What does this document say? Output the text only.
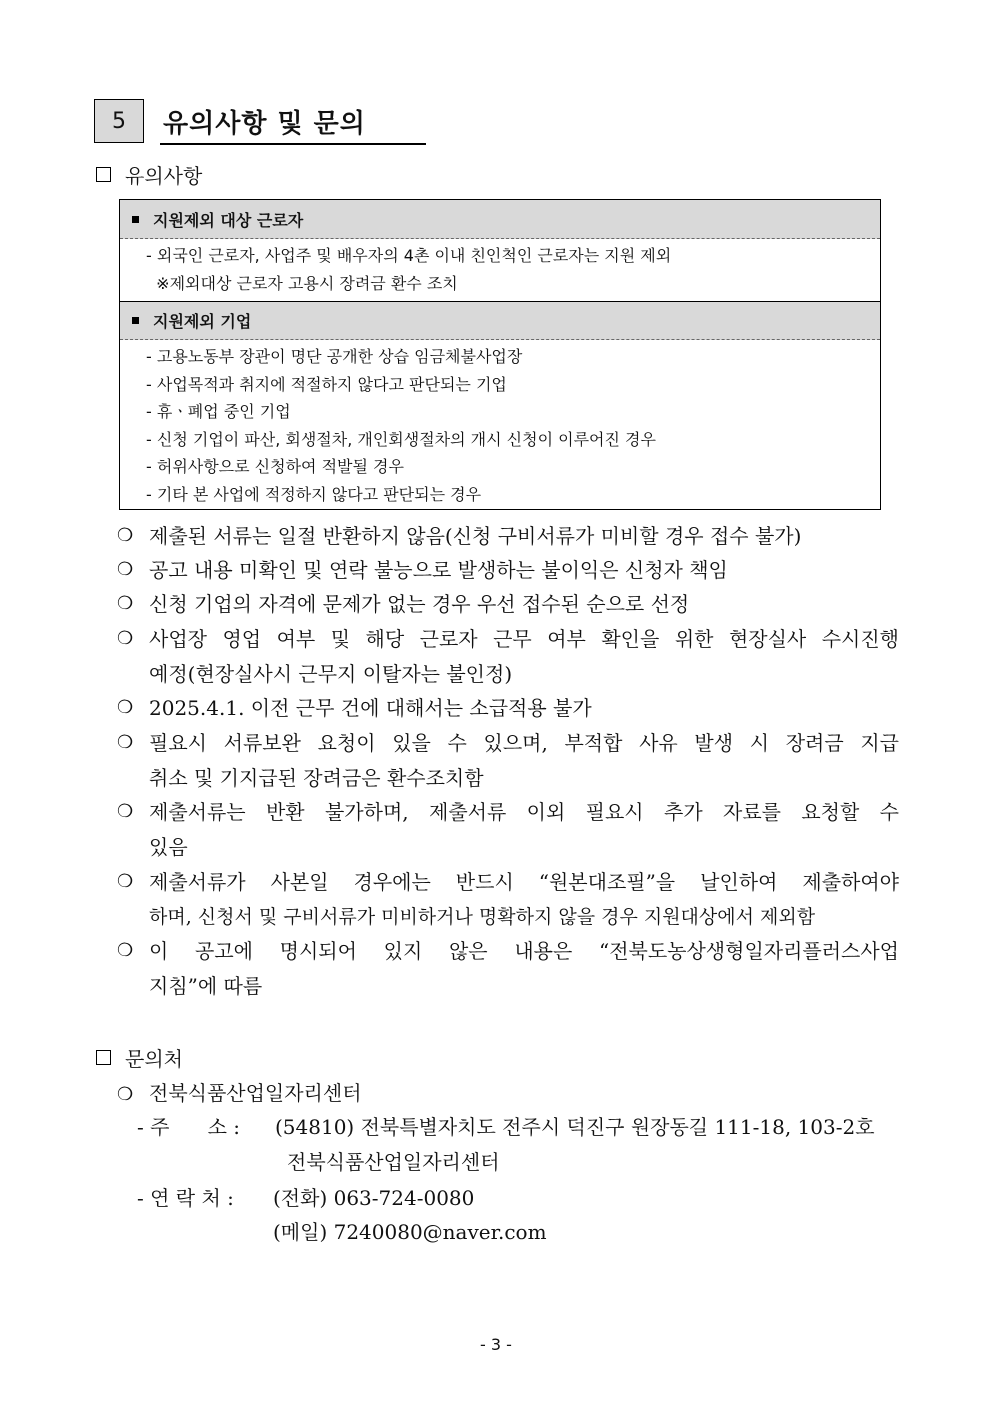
5	유의사항 및 문의
유의사항
지원제외 대상 근로자
- 외국인 근로자, 사업주 및 배우자의 4촌 이내 친인척인 근로자는 지원 제외
※제외대상 근로자 고용시 장려금 환수 조치
지원제외 기업
- 고용노동부 장관이 명단 공개한 상습 임금체불사업장
- 사업목적과 취지에 적절하지 않다고 판단되는 기업
- 휴ㆍ폐업 중인 기업
- 신청 기업이 파산, 회생절차, 개인회생절차의 개시 신청이 이루어진 경우
- 허위사항으로 신청하여 적발될 경우
- 기타 본 사업에 적정하지 않다고 판단되는 경우
❍ 제출된 서류는 일절 반환하지 않음(신청 구비서류가 미비할 경우 접수 불가)
❍ 공고 내용 미확인 및 연락 불능으로 발생하는 불이익은 신청자 책임
❍ 신청 기업의 자격에 문제가 없는 경우 우선 접수된 순으로 선정
❍ 사업장 영업 여부 및 해당 근로자 근무 여부 확인을 위한 현장실사 수시진행
예정(현장실사시 근무지 이탈자는 불인정)
❍ 2025.4.1. 이전 근무 건에 대해서는 소급적용 불가
❍ 필요시 서류보완 요청이 있을 수 있으며, 부적합 사유 발생 시 장려금 지급
취소 및 기지급된 장려금은 환수조치함
❍ 제출서류는 반환 불가하며, 제출서류 이외 필요시 추가 자료를 요청할 수
있음
❍ 제출서류가 사본일 경우에는 반드시 “원본대조필”을 날인하여 제출하여야
하며, 신청서 및 구비서류가 미비하거나 명확하지 않을 경우 지원대상에서 제외함
❍ 이 공고에 명시되어 있지 않은 내용은 “전북도농상생형일자리플러스사업
지침”에 따름
문의처
❍ 전북식품산업일자리센터
- 주      소 : (54810) 전북특별자치도 전주시 덕진구 원장동길 111-18, 103-2호
전북식품산업일자리센터
- 연 락 처 : (전화) 063-724-0080
(메일) 7240080@naver.com
- 3 -
